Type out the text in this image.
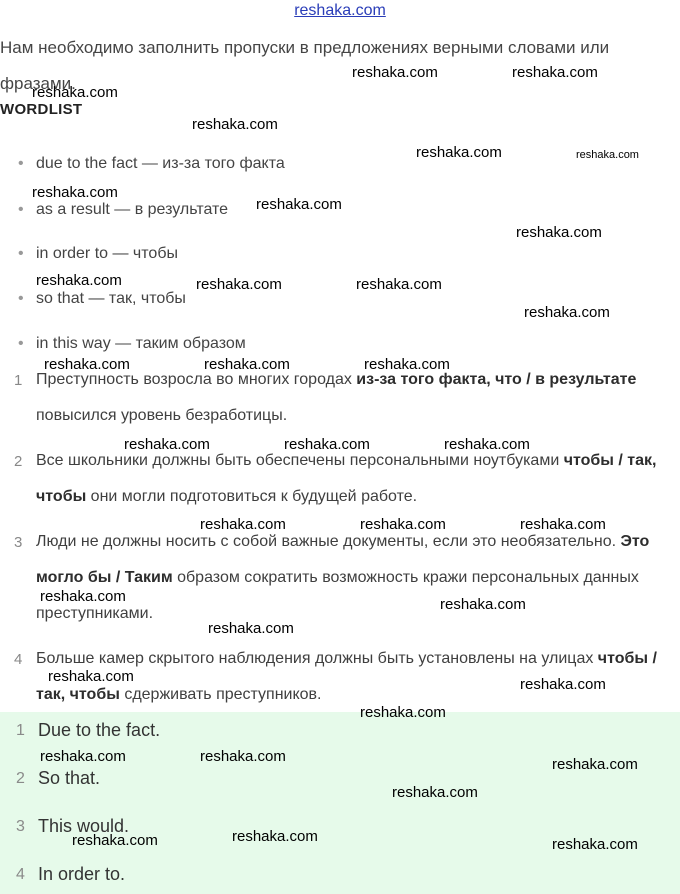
reshaka.com
Нам необходимо заполнить пропуски в предложениях верными словами или фразами.
WORDLIST
• due to the fact — из-за того факта
• as a result — в результате
• in order to — чтобы
• so that — так, чтобы
• in this way — таким образом
1 Преступность возросла во многих городах из-за того факта, что / в результате повысился уровень безработицы.
2 Все школьники должны быть обеспечены персональными ноутбуками чтобы / так, чтобы они могли подготовиться к будущей работе.
3 Люди не должны носить с собой важные документы, если это необязательно. Это могло бы / Таким образом сократить возможность кражи персональных данных преступниками.
4 Больше камер скрытого наблюдения должны быть установлены на улицах чтобы / так, чтобы сдерживать преступников.
1 Due to the fact.
2 So that.
3 This would.
4 In order to.
reshaka.com	reshaka.com
reshaka.com
reshaka.com
reshaka.com	reshaka.com
reshaka.com
reshaka.com
reshaka.com
reshaka.com	reshaka.com	reshaka.com
reshaka.com
reshaka.com	reshaka.com	reshaka.com
reshaka.com	reshaka.com	reshaka.com
reshaka.com	reshaka.com	reshaka.com
reshaka.com	reshaka.com
reshaka.com
reshaka.com	reshaka.com
reshaka.com
reshaka.com	reshaka.com	reshaka.com
reshaka.com
reshaka.com
reshaka.com	reshaka.com
